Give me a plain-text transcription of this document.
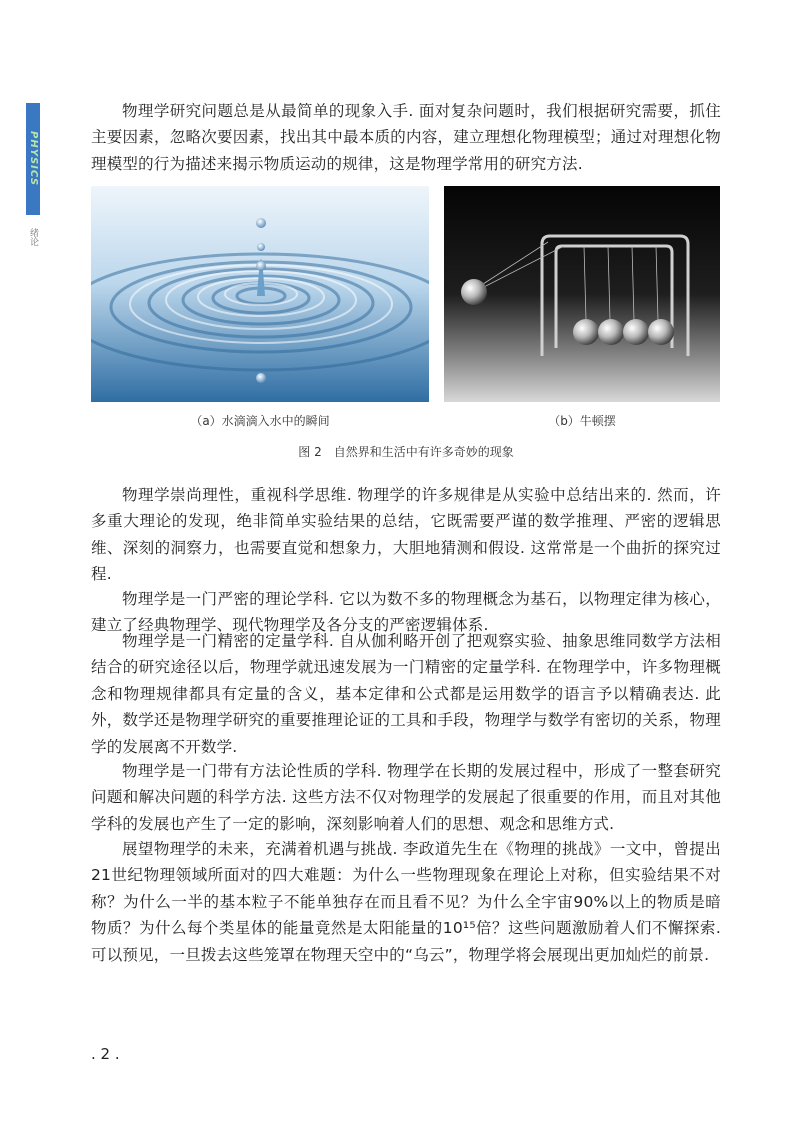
PHYSICS
绪论

物理学研究问题总是从最简单的现象入手. 面对复杂问题时，我们根据研究需要，抓住主要因素，忽略次要因素，找出其中最本质的内容，建立理想化物理模型；通过对理想化物理模型的行为描述来揭示物质运动的规律，这是物理学常用的研究方法.

（a）水滴滴入水中的瞬间	（b）牛顿摆
图 2　自然界和生活中有许多奇妙的现象

物理学崇尚理性，重视科学思维. 物理学的许多规律是从实验中总结出来的. 然而，许多重大理论的发现，绝非简单实验结果的总结，它既需要严谨的数学推理、严密的逻辑思维、深刻的洞察力，也需要直觉和想象力，大胆地猜测和假设. 这常常是一个曲折的探究过程.

物理学是一门严密的理论学科. 它以为数不多的物理概念为基石，以物理定律为核心，建立了经典物理学、现代物理学及各分支的严密逻辑体系.

物理学是一门精密的定量学科. 自从伽利略开创了把观察实验、抽象思维同数学方法相结合的研究途径以后，物理学就迅速发展为一门精密的定量学科. 在物理学中，许多物理概念和物理规律都具有定量的含义，基本定律和公式都是运用数学的语言予以精确表达. 此外，数学还是物理学研究的重要推理论证的工具和手段，物理学与数学有密切的关系，物理学的发展离不开数学.

物理学是一门带有方法论性质的学科. 物理学在长期的发展过程中，形成了一整套研究问题和解决问题的科学方法. 这些方法不仅对物理学的发展起了很重要的作用，而且对其他学科的发展也产生了一定的影响，深刻影响着人们的思想、观念和思维方式.

展望物理学的未来，充满着机遇与挑战. 李政道先生在《物理的挑战》一文中，曾提出21世纪物理领域所面对的四大难题：为什么一些物理现象在理论上对称，但实验结果不对称？为什么一半的基本粒子不能单独存在而且看不见？为什么全宇宙90%以上的物质是暗物质？为什么每个类星体的能量竟然是太阳能量的10¹⁵倍？这些问题激励着人们不懈探索. 可以预见，一旦拨去这些笼罩在物理天空中的“乌云”，物理学将会展现出更加灿烂的前景.

. 2 .
